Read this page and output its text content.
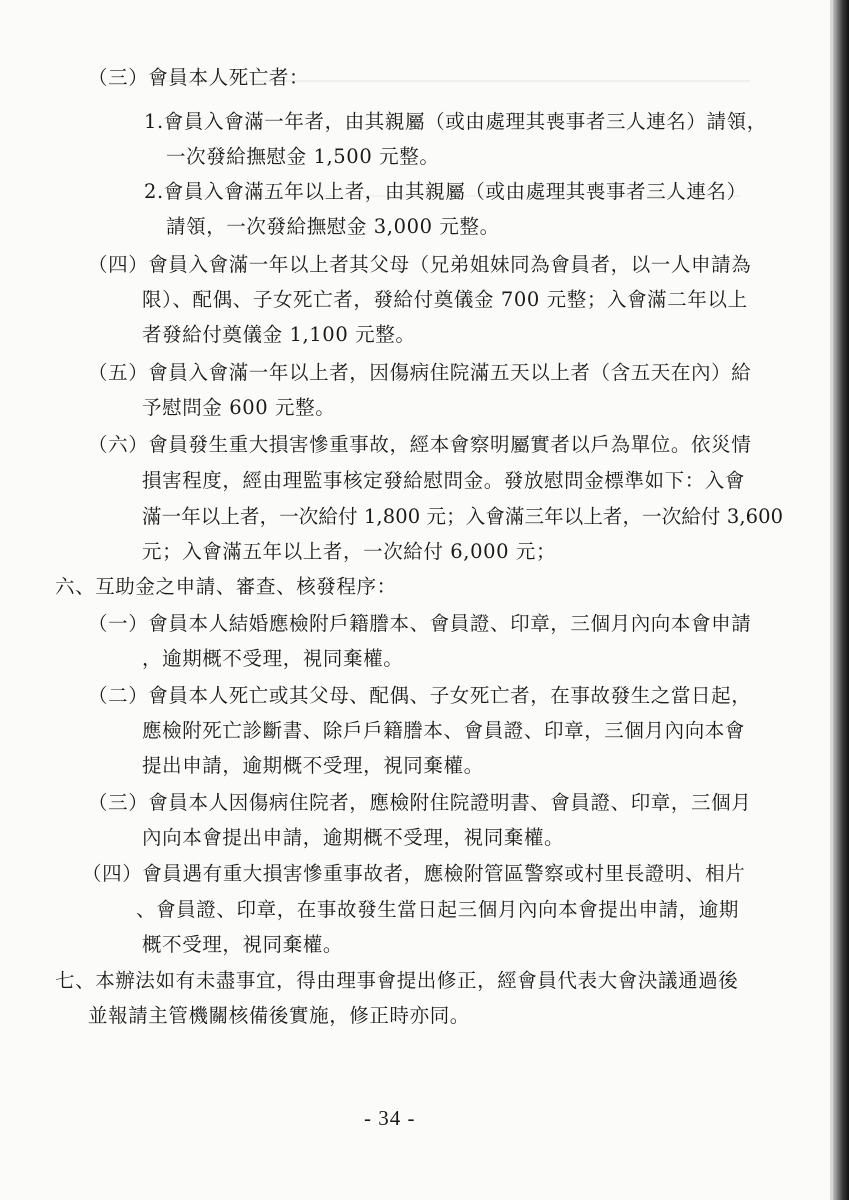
（三）會員本人死亡者：
1.會員入會滿一年者，由其親屬（或由處理其喪事者三人連名）請領，
一次發給撫慰金 1,500 元整。
2.會員入會滿五年以上者，由其親屬（或由處理其喪事者三人連名）
請領，一次發給撫慰金 3,000 元整。
（四）會員入會滿一年以上者其父母（兄弟姐妹同為會員者，以一人申請為
限）、配偶、子女死亡者，發給付奠儀金 700 元整；入會滿二年以上
者發給付奠儀金 1,100 元整。
（五）會員入會滿一年以上者，因傷病住院滿五天以上者（含五天在內）給
予慰問金 600 元整。
（六）會員發生重大損害慘重事故，經本會察明屬實者以戶為單位。依災情
損害程度，經由理監事核定發給慰問金。發放慰問金標準如下：入會
滿一年以上者，一次給付 1,800 元；入會滿三年以上者，一次給付 3,600
元；入會滿五年以上者，一次給付 6,000 元；
六、互助金之申請、審查、核發程序：
（一）會員本人結婚應檢附戶籍謄本、會員證、印章，三個月內向本會申請
，逾期概不受理，視同棄權。
（二）會員本人死亡或其父母、配偶、子女死亡者，在事故發生之當日起，
應檢附死亡診斷書、除戶戶籍謄本、會員證、印章，三個月內向本會
提出申請，逾期概不受理，視同棄權。
（三）會員本人因傷病住院者，應檢附住院證明書、會員證、印章，三個月
內向本會提出申請，逾期概不受理，視同棄權。
（四）會員遇有重大損害慘重事故者，應檢附管區警察或村里長證明、相片
、會員證、印章，在事故發生當日起三個月內向本會提出申請，逾期
概不受理，視同棄權。
七、本辦法如有未盡事宜，得由理事會提出修正，經會員代表大會決議通過後
並報請主管機關核備後實施，修正時亦同。
- 34 -
